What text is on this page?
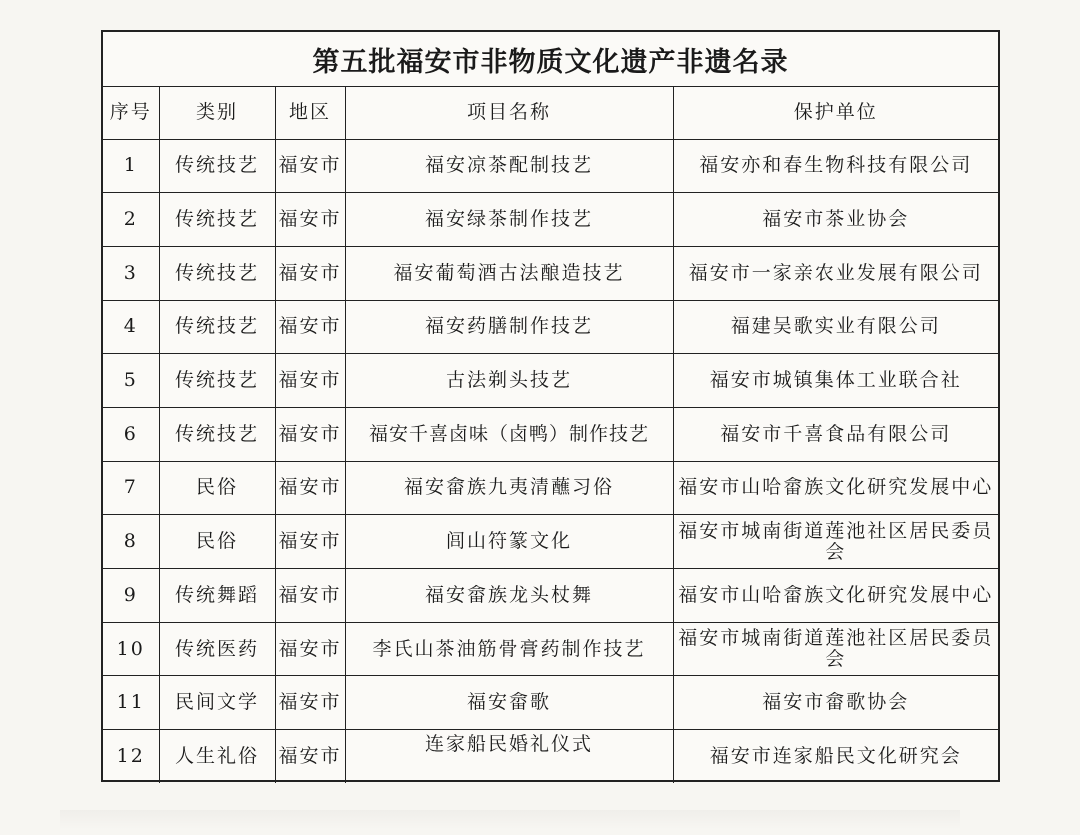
第五批福安市非物质文化遗产非遗名录
序号	类别	地区	项目名称	保护单位
1	传统技艺	福安市	福安凉茶配制技艺	福安亦和春生物科技有限公司
2	传统技艺	福安市	福安绿茶制作技艺	福安市茶业协会
3	传统技艺	福安市	福安葡萄酒古法酿造技艺	福安市一家亲农业发展有限公司
4	传统技艺	福安市	福安药膳制作技艺	福建吴歌实业有限公司
5	传统技艺	福安市	古法剃头技艺	福安市城镇集体工业联合社
6	传统技艺	福安市	福安千喜卤味（卤鸭）制作技艺	福安市千喜食品有限公司
7	民俗	福安市	福安畲族九夷清蘸习俗	福安市山哈畲族文化研究发展中心
8	民俗	福安市	闾山符篆文化	福安市城南街道莲池社区居民委员会
9	传统舞蹈	福安市	福安畲族龙头杖舞	福安市山哈畲族文化研究发展中心
10	传统医药	福安市	李氏山茶油筋骨膏药制作技艺	福安市城南街道莲池社区居民委员会
11	民间文学	福安市	福安畲歌	福安市畲歌协会
12	人生礼俗	福安市	连家船民婚礼仪式	福安市连家船民文化研究会
